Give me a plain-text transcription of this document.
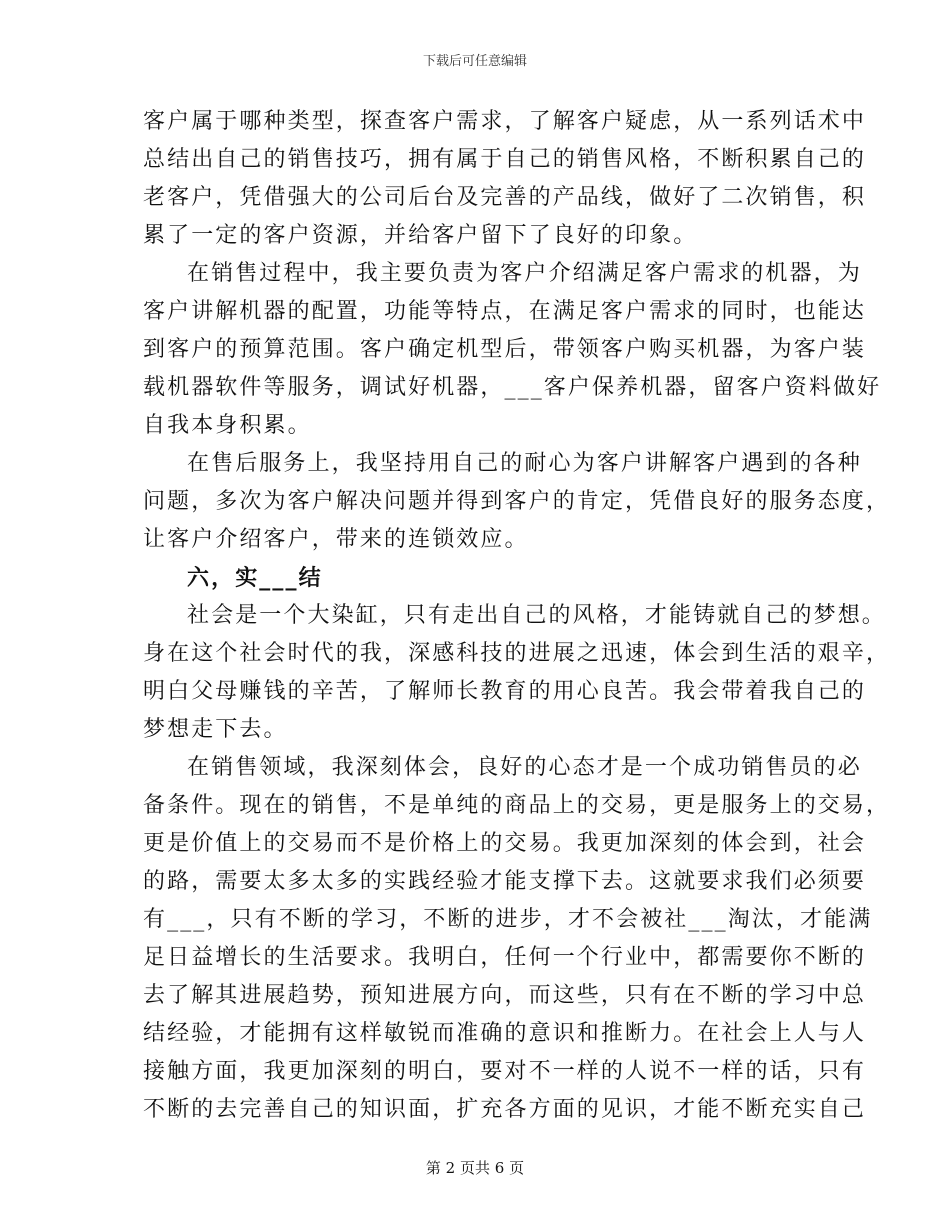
下载后可任意编辑
客户属于哪种类型，探查客户需求，了解客户疑虑，从一系列话术中
总结出自己的销售技巧，拥有属于自己的销售风格，不断积累自己的
老客户，凭借强大的公司后台及完善的产品线，做好了二次销售，积
累了一定的客户资源，并给客户留下了良好的印象。
在销售过程中，我主要负责为客户介绍满足客户需求的机器，为
客户讲解机器的配置，功能等特点，在满足客户需求的同时，也能达
到客户的预算范围。客户确定机型后，带领客户购买机器，为客户装
载机器软件等服务，调试好机器，___客户保养机器，留客户资料做好
自我本身积累。
在售后服务上，我坚持用自己的耐心为客户讲解客户遇到的各种
问题，多次为客户解决问题并得到客户的肯定，凭借良好的服务态度，
让客户介绍客户，带来的连锁效应。
六，实___结
社会是一个大染缸，只有走出自己的风格，才能铸就自己的梦想。
身在这个社会时代的我，深感科技的进展之迅速，体会到生活的艰辛，
明白父母赚钱的辛苦，了解师长教育的用心良苦。我会带着我自己的
梦想走下去。
在销售领域，我深刻体会，良好的心态才是一个成功销售员的必
备条件。现在的销售，不是单纯的商品上的交易，更是服务上的交易，
更是价值上的交易而不是价格上的交易。我更加深刻的体会到，社会
的路，需要太多太多的实践经验才能支撑下去。这就要求我们必须要
有___，只有不断的学习，不断的进步，才不会被社___淘汰，才能满
足日益增长的生活要求。我明白，任何一个行业中，都需要你不断的
去了解其进展趋势，预知进展方向，而这些，只有在不断的学习中总
结经验，才能拥有这样敏锐而准确的意识和推断力。在社会上人与人
接触方面，我更加深刻的明白，要对不一样的人说不一样的话，只有
不断的去完善自己的知识面，扩充各方面的见识，才能不断充实自己
第 2 页共 6 页
